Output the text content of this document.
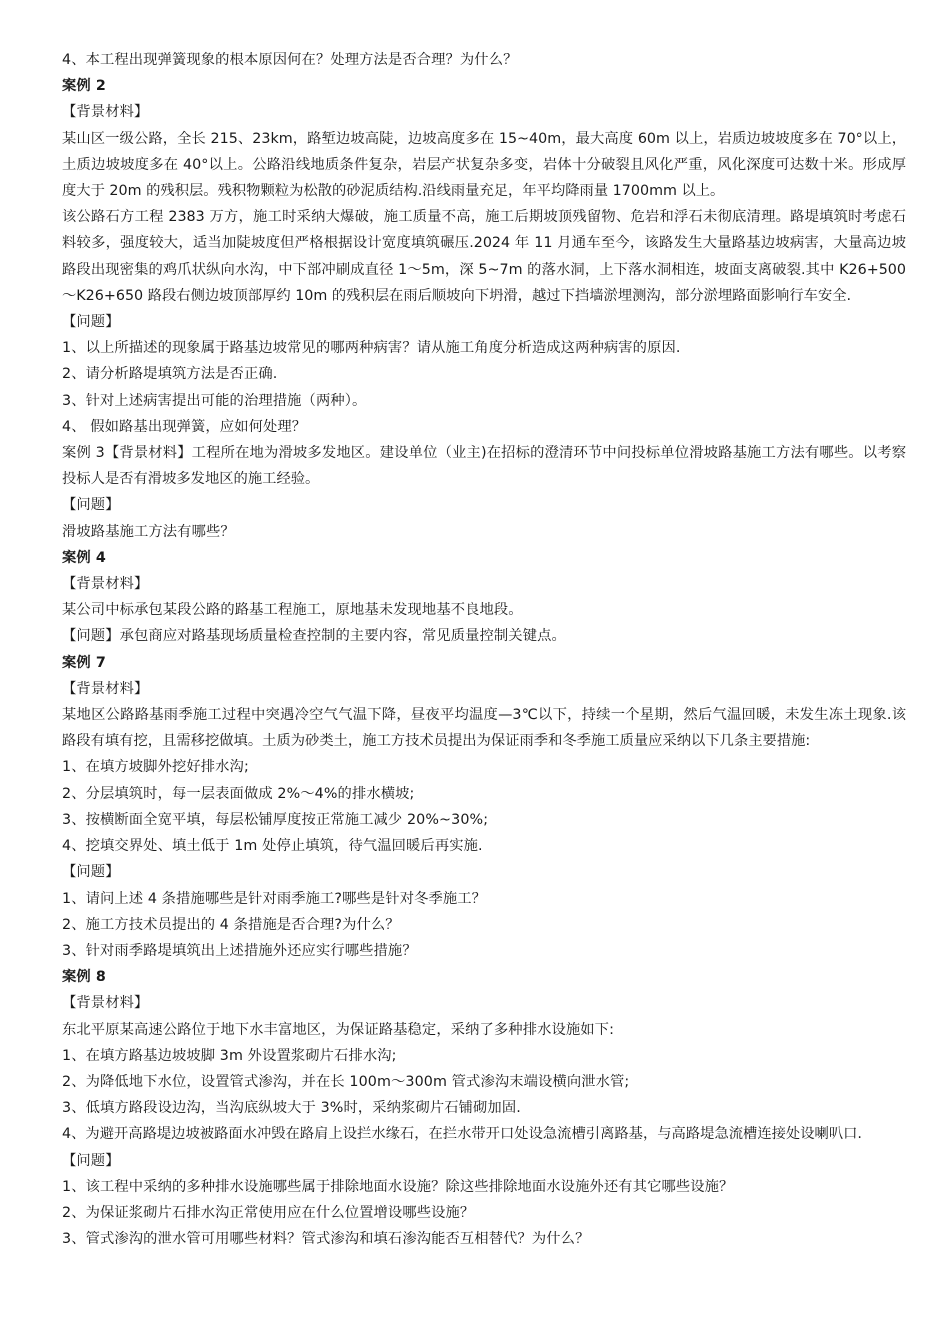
4、本工程出现弹簧现象的根本原因何在？处理方法是否合理？为什么？
案例 2
【背景材料】
某山区一级公路，全长 215、23km，路堑边坡高陡，边坡高度多在 15~40m，最大高度 60m 以上，岩质边坡坡度多在 70°以上，土质边坡坡度多在 40°以上。公路沿线地质条件复杂，岩层产状复杂多变，岩体十分破裂且风化严重，风化深度可达数十米。形成厚度大于 20m 的残积层。残积物颗粒为松散的砂泥质结构.沿线雨量充足，年平均降雨量 1700mm 以上。
该公路石方工程 2383 万方，施工时采纳大爆破，施工质量不高，施工后期坡顶残留物、危岩和浮石未彻底清理。路堤填筑时考虑石料较多，强度较大，适当加陡坡度但严格根据设计宽度填筑碾压.2024 年 11 月通车至今，该路发生大量路基边坡病害，大量高边坡路段出现密集的鸡爪状纵向水沟，中下部冲刷成直径 1～5m，深 5~7m 的落水洞，上下落水洞相连，坡面支离破裂.其中 K26+500～K26+650 路段右侧边坡顶部厚约 10m 的残积层在雨后顺坡向下坍滑，越过下挡墙淤埋测沟，部分淤埋路面影响行车安全.
【问题】
1、以上所描述的现象属于路基边坡常见的哪两种病害？请从施工角度分析造成这两种病害的原因.
2、请分析路堤填筑方法是否正确.
3、针对上述病害提出可能的治理措施（两种）。
4、 假如路基出现弹簧，应如何处理？
案例 3【背景材料】工程所在地为滑坡多发地区。建设单位（业主)在招标的澄清环节中问投标单位滑坡路基施工方法有哪些。以考察投标人是否有滑坡多发地区的施工经验。
【问题】
滑坡路基施工方法有哪些？
案例 4
【背景材料】
某公司中标承包某段公路的路基工程施工，原地基未发现地基不良地段。
【问题】承包商应对路基现场质量检查控制的主要内容，常见质量控制关键点。
案例 7
【背景材料】
某地区公路路基雨季施工过程中突遇冷空气气温下降，昼夜平均温度—3℃以下，持续一个星期，然后气温回暖，未发生冻土现象.该路段有填有挖，且需移挖做填。土质为砂类土，施工方技术员提出为保证雨季和冬季施工质量应采纳以下几条主要措施:
1、在填方坡脚外挖好排水沟;
2、分层填筑时，每一层表面做成 2%～4%的排水横坡;
3、按横断面全宽平填，每层松铺厚度按正常施工减少 20%~30%;
4、挖填交界处、填土低于 1m 处停止填筑，待气温回暖后再实施.
【问题】
1、请问上述 4 条措施哪些是针对雨季施工?哪些是针对冬季施工？
2、施工方技术员提出的 4 条措施是否合理?为什么？
3、针对雨季路堤填筑出上述措施外还应实行哪些措施？
案例 8
【背景材料】
东北平原某高速公路位于地下水丰富地区，为保证路基稳定，采纳了多种排水设施如下:
1、在填方路基边坡坡脚 3m 外设置浆砌片石排水沟;
2、为降低地下水位，设置管式渗沟，并在长 100m～300m 管式渗沟末端设横向泄水管;
3、低填方路段设边沟，当沟底纵坡大于 3%时，采纳浆砌片石铺砌加固.
4、为避开高路堤边坡被路面水冲毁在路肩上设拦水缘石，在拦水带开口处设急流槽引离路基，与高路堤急流槽连接处设喇叭口.
【问题】
1、该工程中采纳的多种排水设施哪些属于排除地面水设施？除这些排除地面水设施外还有其它哪些设施？
2、为保证浆砌片石排水沟正常使用应在什么位置增设哪些设施？
3、管式渗沟的泄水管可用哪些材料？管式渗沟和填石渗沟能否互相替代？为什么？
